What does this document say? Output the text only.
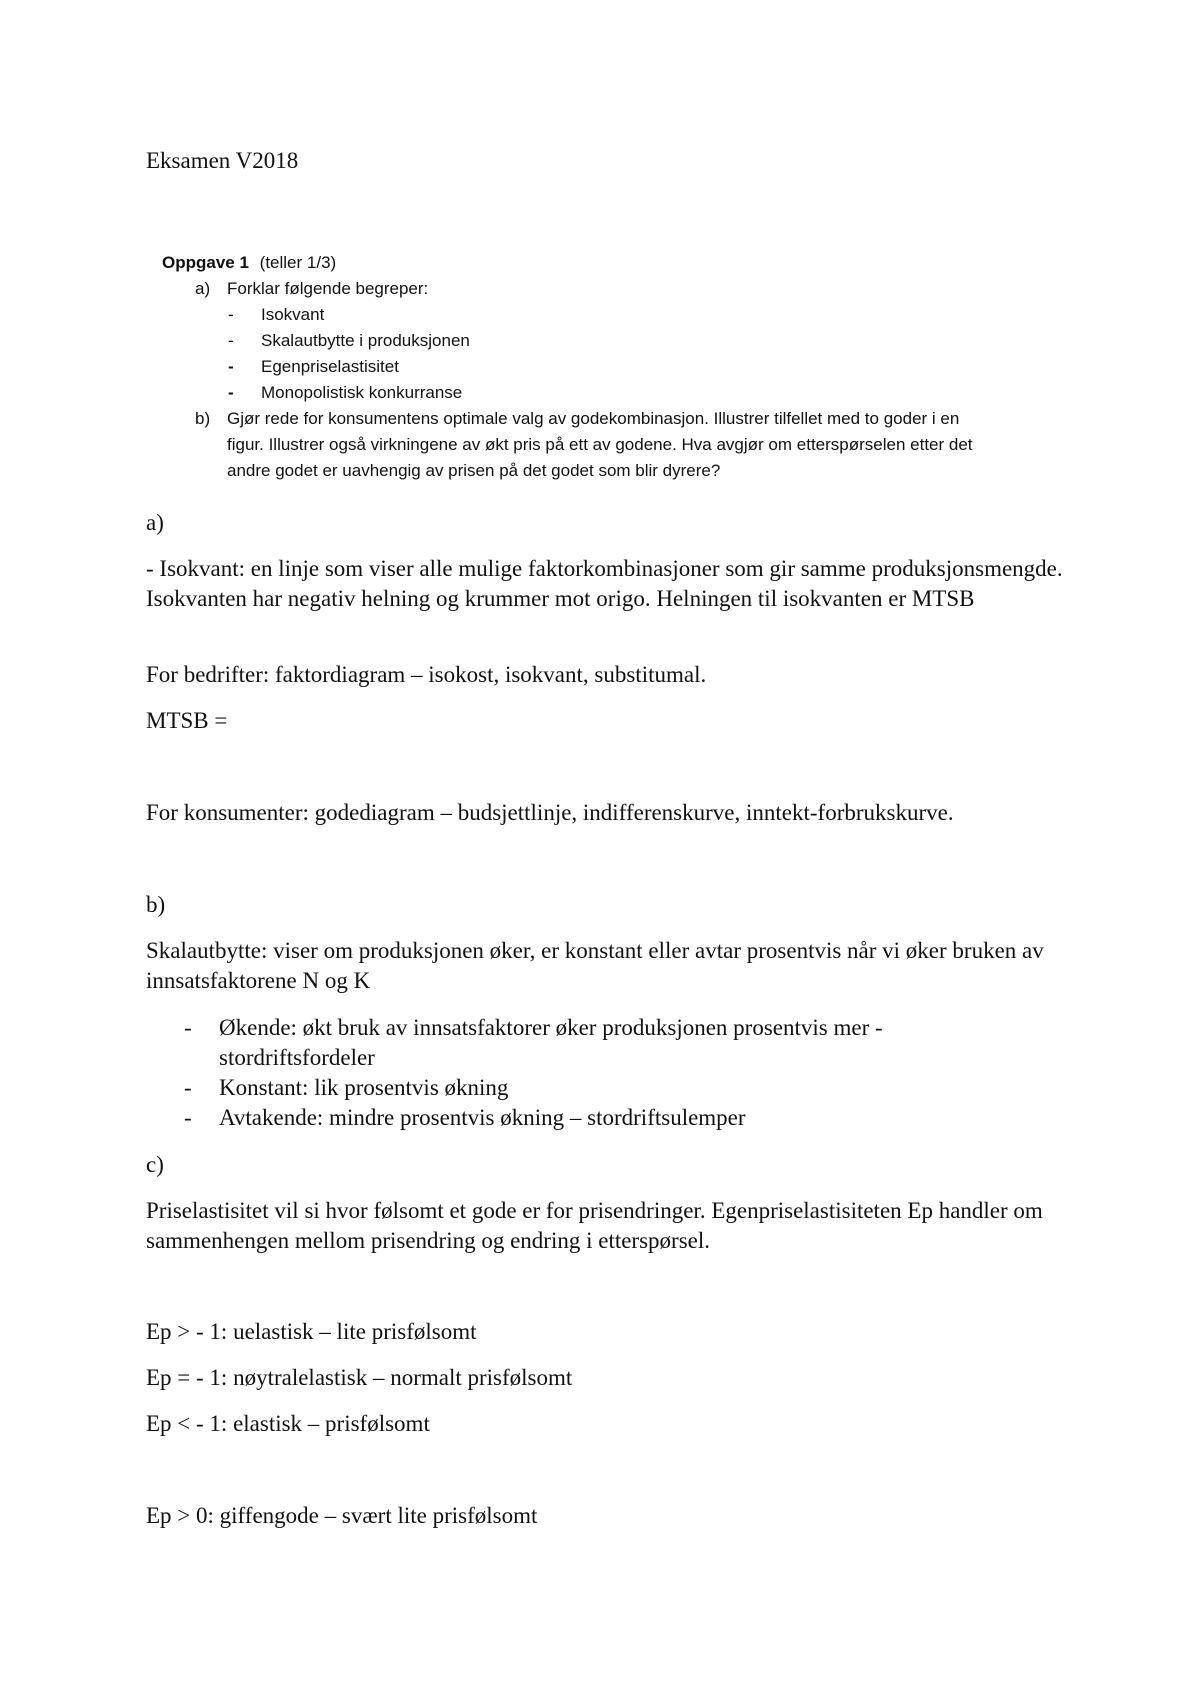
Eksamen V2018
Oppgave 1 (teller 1/3)
a) Forklar følgende begreper:
- Isokvant
- Skalautbytte i produksjonen
- Egenpriselastisitet
- Monopolistisk konkurranse
b) Gjør rede for konsumentens optimale valg av godekombinasjon. Illustrer tilfellet med to goder i en
figur. Illustrer også virkningene av økt pris på ett av godene. Hva avgjør om etterspørselen etter det
andre godet er uavhengig av prisen på det godet som blir dyrere?
a)
- Isokvant: en linje som viser alle mulige faktorkombinasjoner som gir samme produksjonsmengde. Isokvanten har negativ helning og krummer mot origo. Helningen til isokvanten er MTSB
For bedrifter: faktordiagram – isokost, isokvant, substitumal.
MTSB =
For konsumenter: godediagram – budsjettlinje, indifferenskurve, inntekt-forbrukskurve.
b)
Skalautbytte: viser om produksjonen øker, er konstant eller avtar prosentvis når vi øker bruken av innsatsfaktorene N og K
- Økende: økt bruk av innsatsfaktorer øker produksjonen prosentvis mer - stordriftsfordeler
- Konstant: lik prosentvis økning
- Avtakende: mindre prosentvis økning – stordriftsulemper
c)
Priselastisitet vil si hvor følsomt et gode er for prisendringer. Egenpriselastisiteten Ep handler om sammenhengen mellom prisendring og endring i etterspørsel.
Ep > - 1: uelastisk – lite prisfølsomt
Ep = - 1: nøytralelastisk – normalt prisfølsomt
Ep < - 1: elastisk – prisfølsomt
Ep > 0: giffengode – svært lite prisfølsomt
